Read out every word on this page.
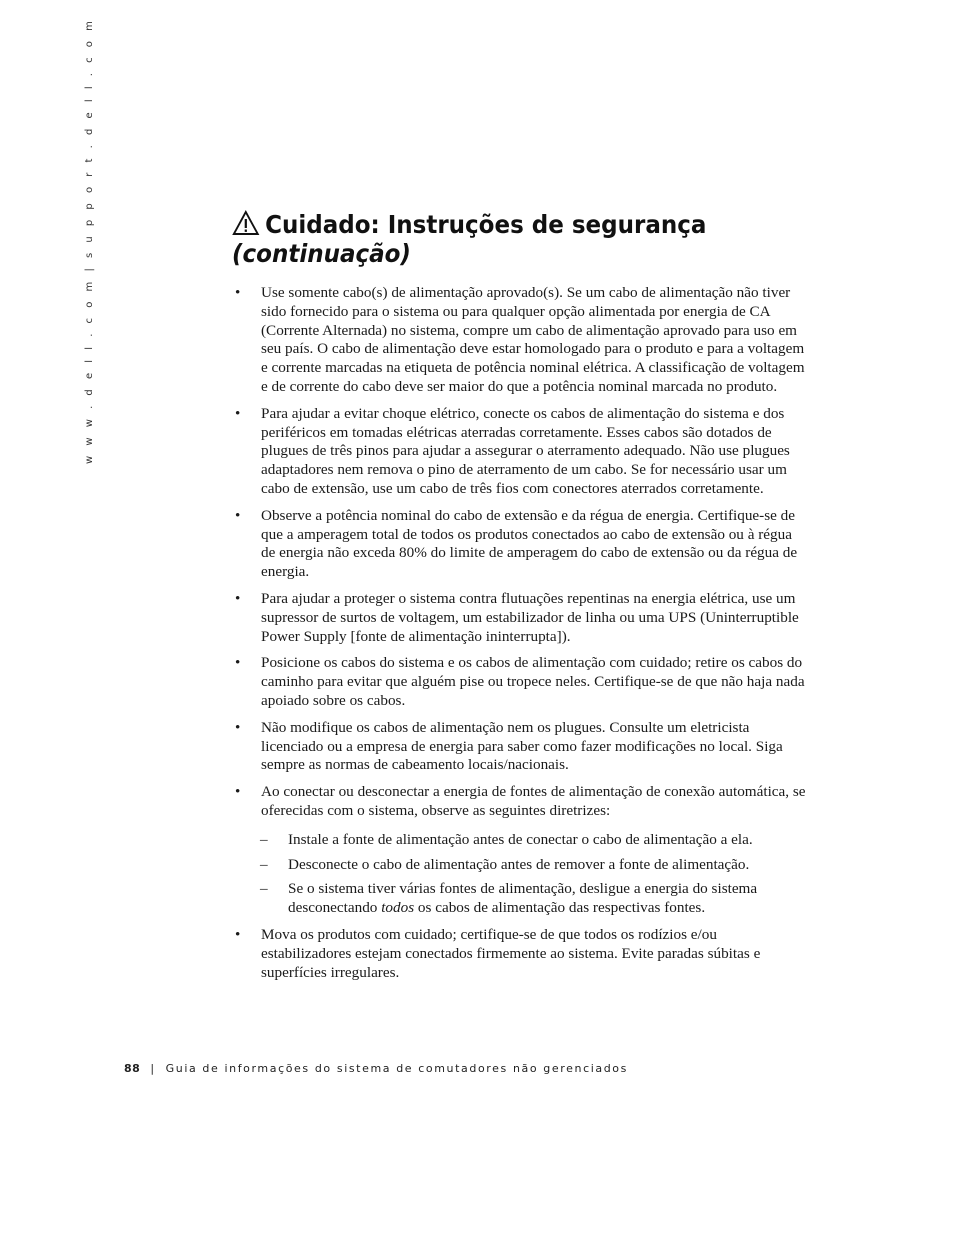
w w w . d e l l . c o m | s u p p o r t . d e l l . c o m	Cuidado: Instruções de segurança
(continuação)
• Use somente cabo(s) de alimentação aprovado(s). Se um cabo de alimentação não tiver sido fornecido para o sistema ou para qualquer opção alimentada por energia de CA (Corrente Alternada) no sistema, compre um cabo de alimentação aprovado para uso em seu país. O cabo de alimentação deve estar homologado para o produto e para a voltagem e corrente marcadas na etiqueta de potência nominal elétrica. A classificação de voltagem e de corrente do cabo deve ser maior do que a potência nominal marcada no produto.
• Para ajudar a evitar choque elétrico, conecte os cabos de alimentação do sistema e dos periféricos em tomadas elétricas aterradas corretamente. Esses cabos são dotados de plugues de três pinos para ajudar a assegurar o aterramento adequado. Não use plugues adaptadores nem remova o pino de aterramento de um cabo. Se for necessário usar um cabo de extensão, use um cabo de três fios com conectores aterrados corretamente.
• Observe a potência nominal do cabo de extensão e da régua de energia. Certifique-se de que a amperagem total de todos os produtos conectados ao cabo de extensão ou à régua de energia não exceda 80% do limite de amperagem do cabo de extensão ou da régua de energia.
• Para ajudar a proteger o sistema contra flutuações repentinas na energia elétrica, use um supressor de surtos de voltagem, um estabilizador de linha ou uma UPS (Uninterruptible Power Supply [fonte de alimentação ininterrupta]).
• Posicione os cabos do sistema e os cabos de alimentação com cuidado; retire os cabos do caminho para evitar que alguém pise ou tropece neles. Certifique-se de que não haja nada apoiado sobre os cabos.
• Não modifique os cabos de alimentação nem os plugues. Consulte um eletricista licenciado ou a empresa de energia para saber como fazer modificações no local. Siga sempre as normas de cabeamento locais/nacionais.
• Ao conectar ou desconectar a energia de fontes de alimentação de conexão automática, se oferecidas com o sistema, observe as seguintes diretrizes:
– Instale a fonte de alimentação antes de conectar o cabo de alimentação a ela.
– Desconecte o cabo de alimentação antes de remover a fonte de alimentação.
– Se o sistema tiver várias fontes de alimentação, desligue a energia do sistema desconectando todos os cabos de alimentação das respectivas fontes.
• Mova os produtos com cuidado; certifique-se de que todos os rodízios e/ou estabilizadores estejam conectados firmemente ao sistema. Evite paradas súbitas e superfícies irregulares.
88 | Guia de informações do sistema de comutadores não gerenciados
